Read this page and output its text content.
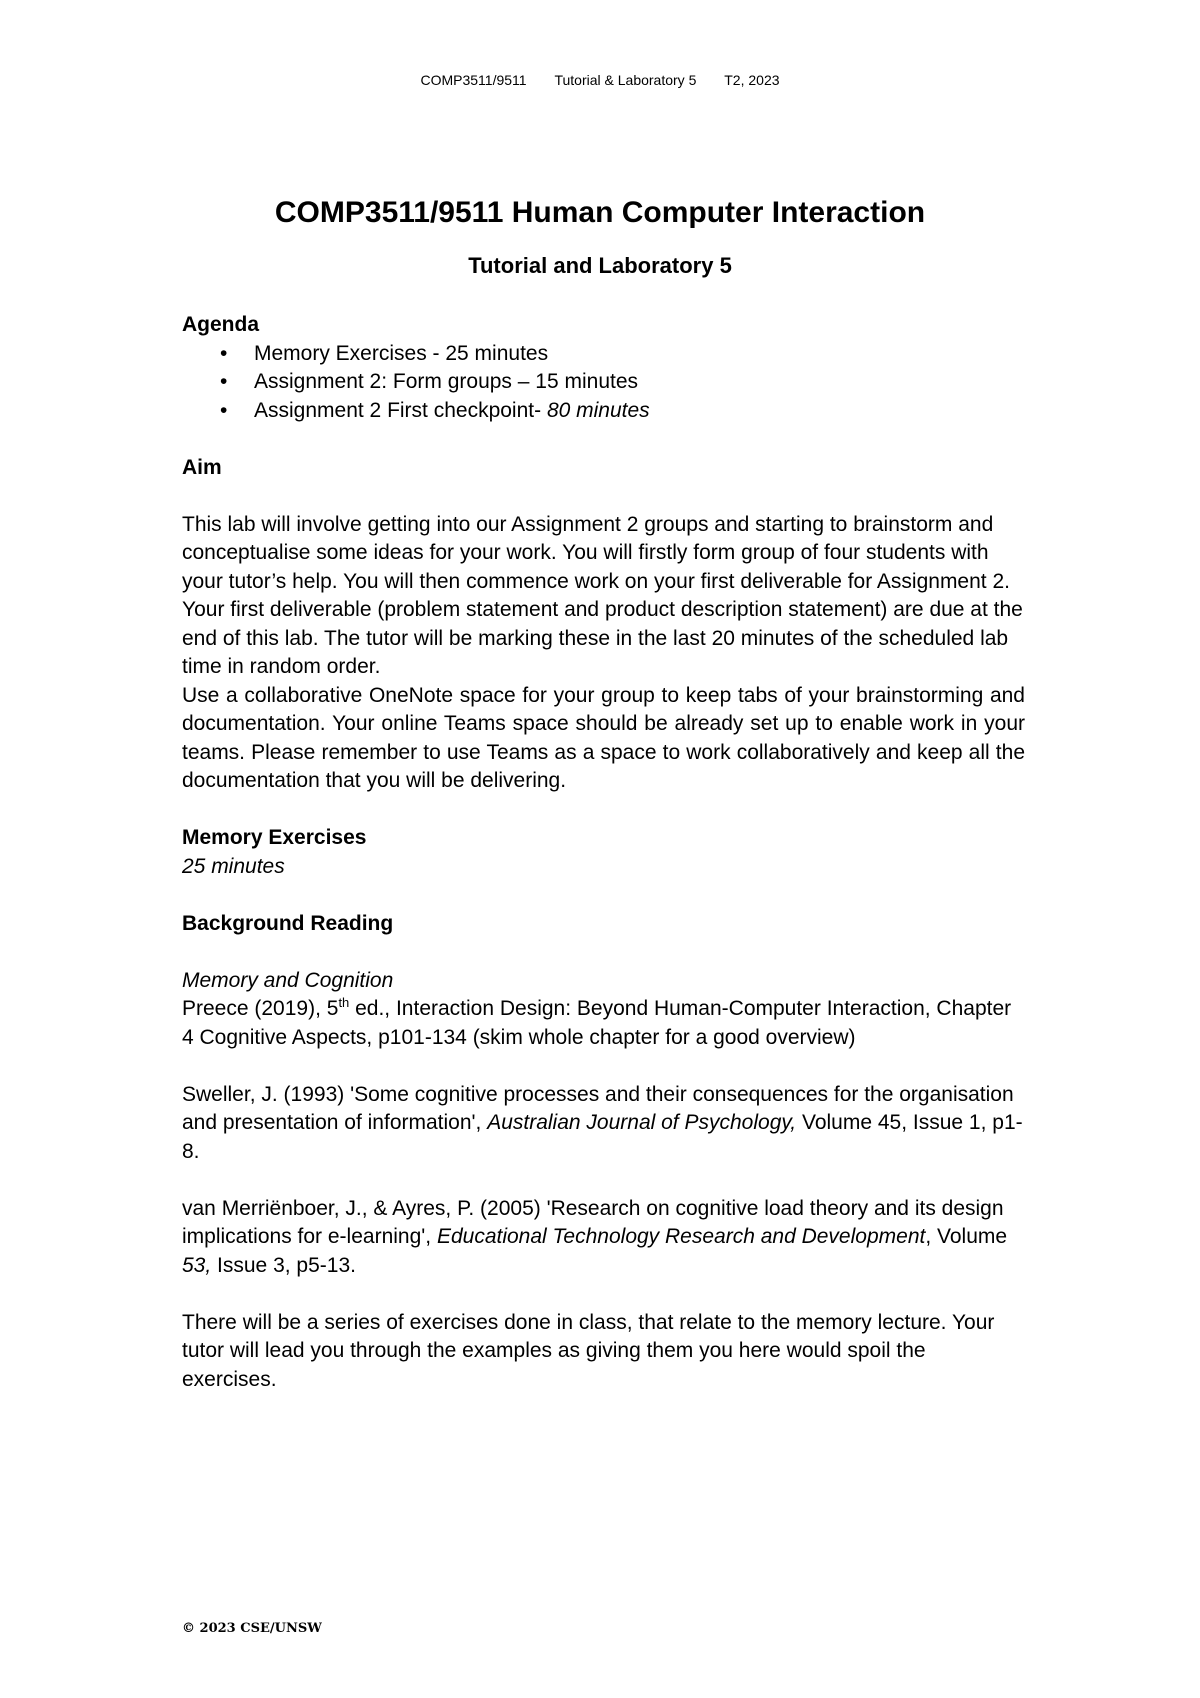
COMP3511/9511 Tutorial & Laboratory 5 T2, 2023
COMP3511/9511 Human Computer Interaction
Tutorial and Laboratory 5

Agenda

• Memory Exercises - 25 minutes
• Assignment 2: Form groups – 15 minutes
• Assignment 2 First checkpoint- 80 minutes

Aim

This lab will involve getting into our Assignment 2 groups and starting to brainstorm and conceptualise some ideas for your work. You will firstly form group of four students with your tutor’s help. You will then commence work on your first deliverable for Assignment 2. Your first deliverable (problem statement and product description statement) are due at the end of this lab. The tutor will be marking these in the last 20 minutes of the scheduled lab time in random order.

Use a collaborative OneNote space for your group to keep tabs of your brainstorming and documentation. Your online Teams space should be already set up to enable work in your teams. Please remember to use Teams as a space to work collaboratively and keep all the documentation that you will be delivering.

Memory Exercises

25 minutes

Background Reading

Memory and Cognition

Preece (2019), 5th ed., Interaction Design: Beyond Human-Computer Interaction, Chapter 4 Cognitive Aspects, p101-134 (skim whole chapter for a good overview)

Sweller, J. (1993) 'Some cognitive processes and their consequences for the organisation and presentation of information', Australian Journal of Psychology, Volume 45, Issue 1, p1-8.

van Merriënboer, J., & Ayres, P. (2005) 'Research on cognitive load theory and its design implications for e-learning', Educational Technology Research and Development, Volume 53, Issue 3, p5-13.

There will be a series of exercises done in class, that relate to the memory lecture. Your tutor will lead you through the examples as giving them you here would spoil the exercises.

© 2023 CSE/UNSW
